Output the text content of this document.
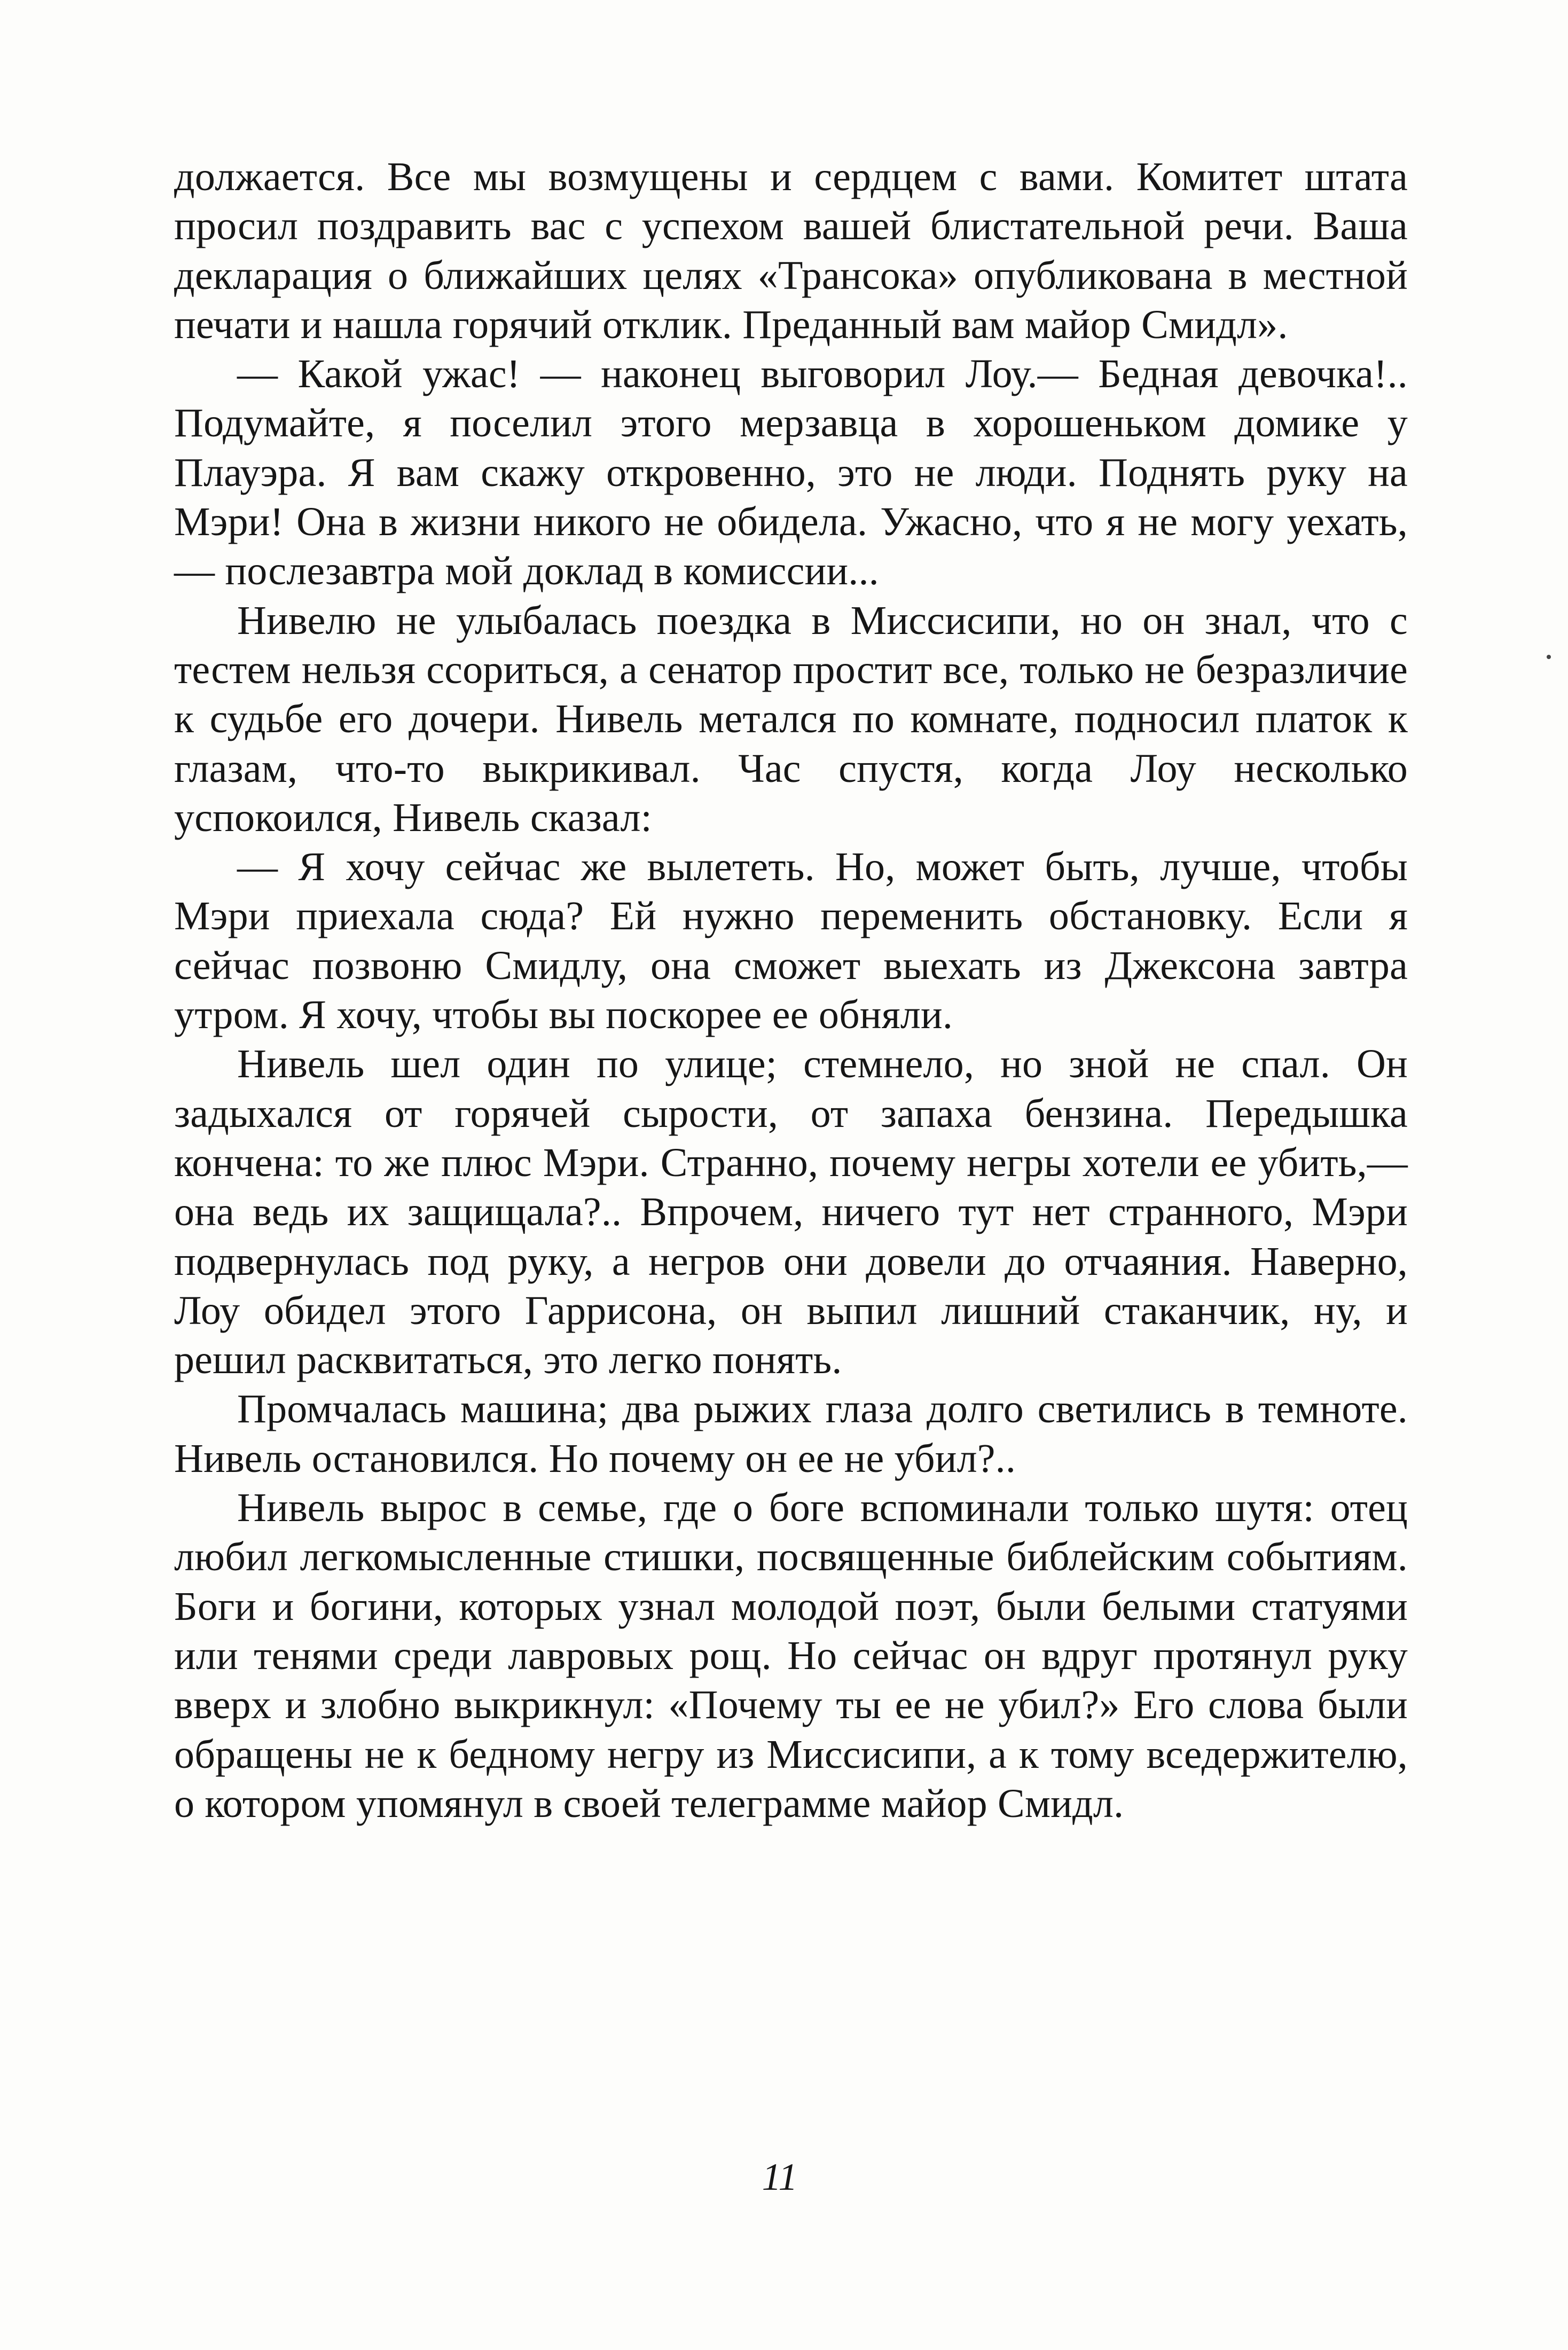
должается. Все мы возмущены и сердцем с вами. Комитет штата просил поздравить вас с успехом вашей блистательной речи. Ваша декларация о ближайших целях «Трансока» опубликована в местной печати и нашла горячий отклик. Преданный вам майор Смидл».

— Какой ужас! — наконец выговорил Лоу.— Бедная девочка!.. Подумайте, я поселил этого мерзавца в хорошеньком домике у Плауэра. Я вам скажу откровенно, это не люди. Поднять руку на Мэри! Она в жизни никого не обидела. Ужасно, что я не могу уехать,— послезавтра мой доклад в комиссии...

Нивелю не улыбалась поездка в Миссисипи, но он знал, что с тестем нельзя ссориться, а сенатор простит все, только не безразличие к судьбе его дочери. Нивель метался по комнате, подносил платок к глазам, что-то выкрикивал. Час спустя, когда Лоу несколько успокоился, Нивель сказал:

— Я хочу сейчас же вылететь. Но, может быть, лучше, чтобы Мэри приехала сюда? Ей нужно переменить обстановку. Если я сейчас позвоню Смидлу, она сможет выехать из Джексона завтра утром. Я хочу, чтобы вы поскорее ее обняли.

Нивель шел один по улице; стемнело, но зной не спал. Он задыхался от горячей сырости, от запаха бензина. Передышка кончена: то же плюс Мэри. Странно, почему негры хотели ее убить,— она ведь их защищала?.. Впрочем, ничего тут нет странного, Мэри подвернулась под руку, а негров они довели до отчаяния. Наверно, Лоу обидел этого Гаррисона, он выпил лишний стаканчик, ну, и решил расквитаться, это легко понять.

Промчалась машина; два рыжих глаза долго светились в темноте. Нивель остановился. Но почему он ее не убил?..

Нивель вырос в семье, где о боге вспоминали только шутя: отец любил легкомысленные стишки, посвященные библейским событиям. Боги и богини, которых узнал молодой поэт, были белыми статуями или тенями среди лавровых рощ. Но сейчас он вдруг протянул руку вверх и злобно выкрикнул: «Почему ты ее не убил?» Его слова были обращены не к бедному негру из Миссисипи, а к тому вседержителю, о котором упомянул в своей телеграмме майор Смидл.

11
